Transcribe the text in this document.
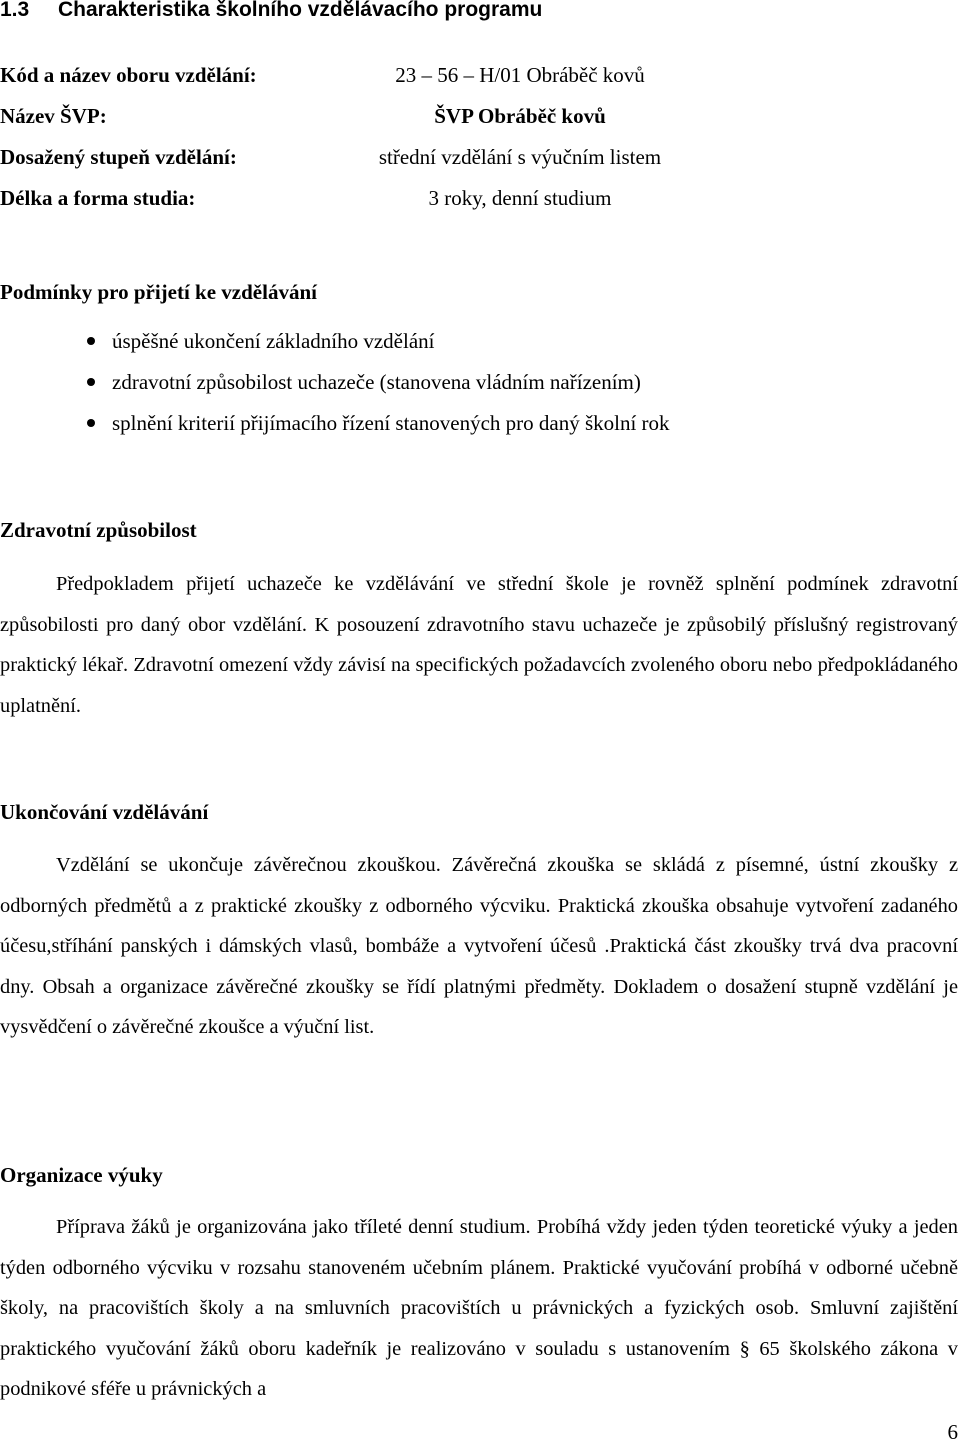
1.3 Charakteristika školního vzdělávacího programu
Kód a název oboru vzdělání:	23 – 56 – H/01 Obráběč kovů
Název ŠVP:	ŠVP Obráběč kovů
Dosažený stupeň vzdělání:	střední vzdělání s výučním listem
Délka a forma studia:	3 roky, denní studium
Podmínky pro přijetí ke vzdělávání
úspěšné ukončení základního vzdělání
zdravotní způsobilost uchazeče (stanovena vládním nařízením)
splnění kriterií přijímacího řízení stanovených pro daný školní rok
Zdravotní způsobilost

Předpokladem přijetí uchazeče ke vzdělávání ve střední škole je rovněž splnění podmínek zdravotní způsobilosti pro daný obor vzdělání. K posouzení zdravotního stavu uchazeče je způsobilý příslušný registrovaný praktický lékař. Zdravotní omezení vždy závisí na specifických požadavcích zvoleného oboru nebo předpokládaného uplatnění.

Ukončování vzdělávání

Vzdělání se ukončuje závěrečnou zkouškou. Závěrečná zkouška se skládá z písemné, ústní zkoušky z odborných předmětů a z praktické zkoušky z odborného výcviku. Praktická zkouška obsahuje vytvoření zadaného účesu,stříhání panských i dámských vlasů, bombáže a vytvoření účesů .Praktická část zkoušky trvá dva pracovní dny. Obsah a organizace závěrečné zkoušky se řídí platnými předměty. Dokladem o dosažení stupně vzdělání je vysvědčení o závěrečné zkoušce a výuční list.

Organizace výuky

Příprava žáků je organizována jako tříleté denní studium. Probíhá vždy jeden týden teoretické výuky a jeden týden odborného výcviku v rozsahu stanoveném učebním plánem. Praktické vyučování probíhá v odborné učebně školy, na pracovištích školy a na smluvních pracovištích u právnických a fyzických osob. Smluvní zajištění praktického vyučování žáků oboru kadeřník je realizováno v souladu s ustanovením § 65 školského zákona v podnikové sféře u právnických a

6
